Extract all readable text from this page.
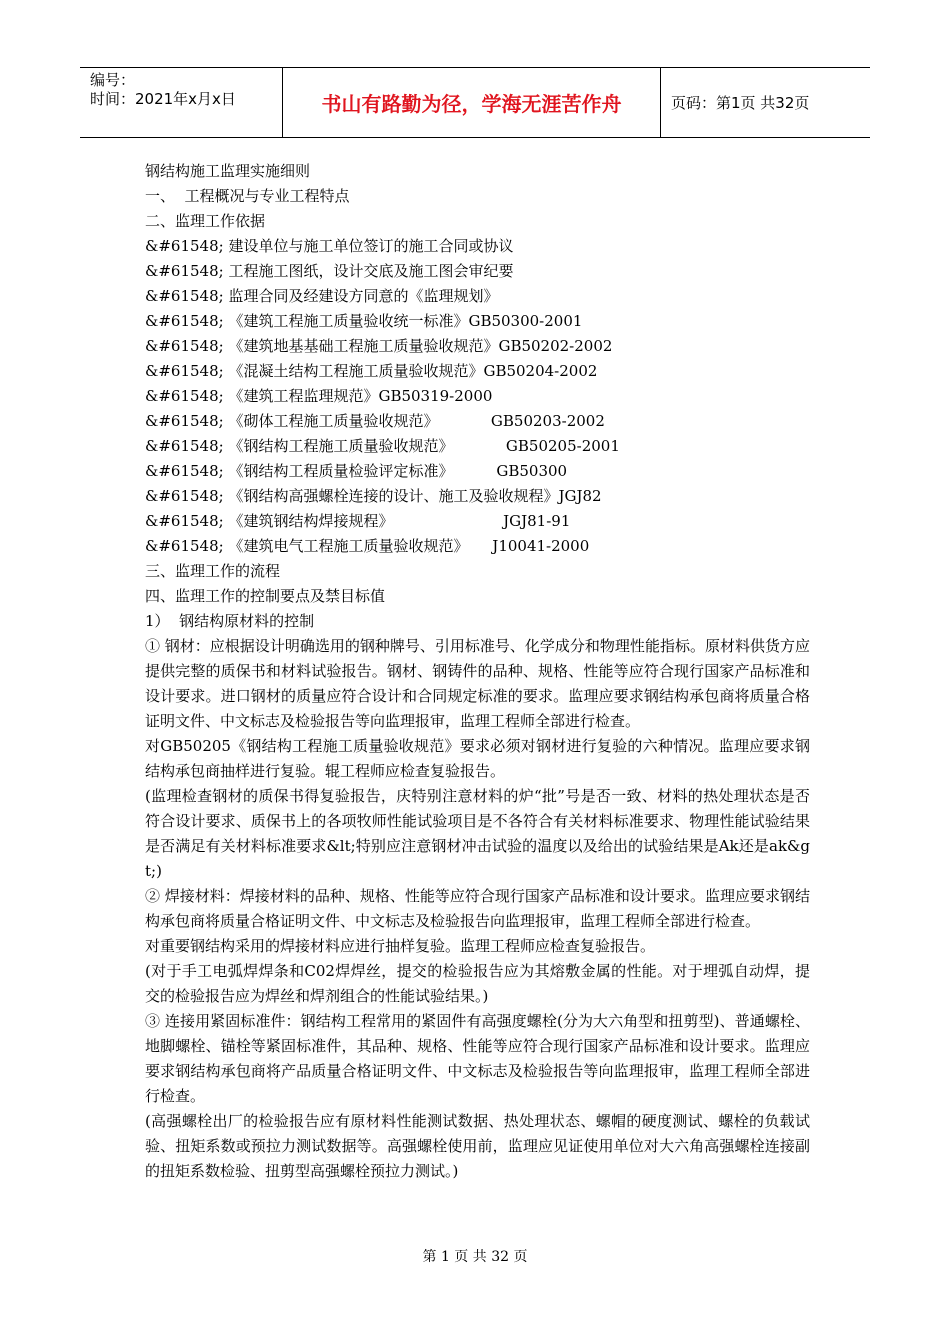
编号：
时间：2021年x月x日	书山有路勤为径，学海无涯苦作舟	页码：第1页 共32页
钢结构施工监理实施细则
一、  工程概况与专业工程特点
二、监理工作依据
&#61548; 建设单位与施工单位签订的施工合同或协议
&#61548; 工程施工图纸，设计交底及施工图会审纪要
&#61548; 监理合同及经建设方同意的《监理规划》
&#61548; 《建筑工程施工质量验收统一标准》GB50300-2001
&#61548; 《建筑地基基础工程施工质量验收规范》GB50202-2002
&#61548; 《混凝土结构工程施工质量验收规范》GB50204-2002
&#61548; 《建筑工程监理规范》GB50319-2000
&#61548; 《砌体工程施工质量验收规范》           GB50203-2002
&#61548; 《钢结构工程施工质量验收规范》           GB50205-2001
&#61548; 《钢结构工程质量检验评定标准》         GB50300
&#61548; 《钢结构高强螺栓连接的设计、施工及验收规程》JGJ82
&#61548; 《建筑钢结构焊接规程》                       JGJ81-91
&#61548; 《建筑电气工程施工质量验收规范》     J10041-2000
三、监理工作的流程
四、监理工作的控制要点及禁目标值
1）  钢结构原材料的控制
① 钢材：应根据设计明确选用的钢种牌号、引用标准号、化学成分和物理性能指标。原材料供货方应提供完整的质保书和材料试验报告。钢材、钢铸件的品种、规格、性能等应符合现行国家产品标准和设计要求。进口钢材的质量应符合设计和合同规定标准的要求。监理应要求钢结构承包商将质量合格证明文件、中文标志及检验报告等向监理报审，监理工程师全部进行检查。
对GB50205《钢结构工程施工质量验收规范》要求必须对钢材进行复验的六种情况。监理应要求钢结构承包商抽样进行复验。辊工程师应检查复验报告。
(监理检查钢材的质保书得复验报告，庆特别注意材料的炉“批”号是否一致、材料的热处理状态是否符合设计要求、质保书上的各项牧师性能试验项目是不各符合有关材料标准要求、物理性能试验结果是否满足有关材料标准要求&lt;特别应注意钢材冲击试验的温度以及给出的试验结果是Ak还是ak&gt;)
② 焊接材料：焊接材料的品种、规格、性能等应符合现行国家产品标准和设计要求。监理应要求钢结构承包商将质量合格证明文件、中文标志及检验报告向监理报审，监理工程师全部进行检查。
对重要钢结构采用的焊接材料应进行抽样复验。监理工程师应检查复验报告。
(对于手工电弧焊焊条和C02焊焊丝，提交的检验报告应为其熔敷金属的性能。对于埋弧自动焊，提交的检验报告应为焊丝和焊剂组合的性能试验结果。)
③ 连接用紧固标准件：钢结构工程常用的紧固件有高强度螺栓(分为大六角型和扭剪型)、普通螺栓、地脚螺栓、锚栓等紧固标准件，其品种、规格、性能等应符合现行国家产品标准和设计要求。监理应要求钢结构承包商将产品质量合格证明文件、中文标志及检验报告等向监理报审，监理工程师全部进行检查。
(高强螺栓出厂的检验报告应有原材料性能测试数据、热处理状态、螺帽的硬度测试、螺栓的负载试验、扭矩系数或预拉力测试数据等。高强螺栓使用前，监理应见证使用单位对大六角高强螺栓连接副的扭矩系数检验、扭剪型高强螺栓预拉力测试。)
第 1 页 共 32 页
